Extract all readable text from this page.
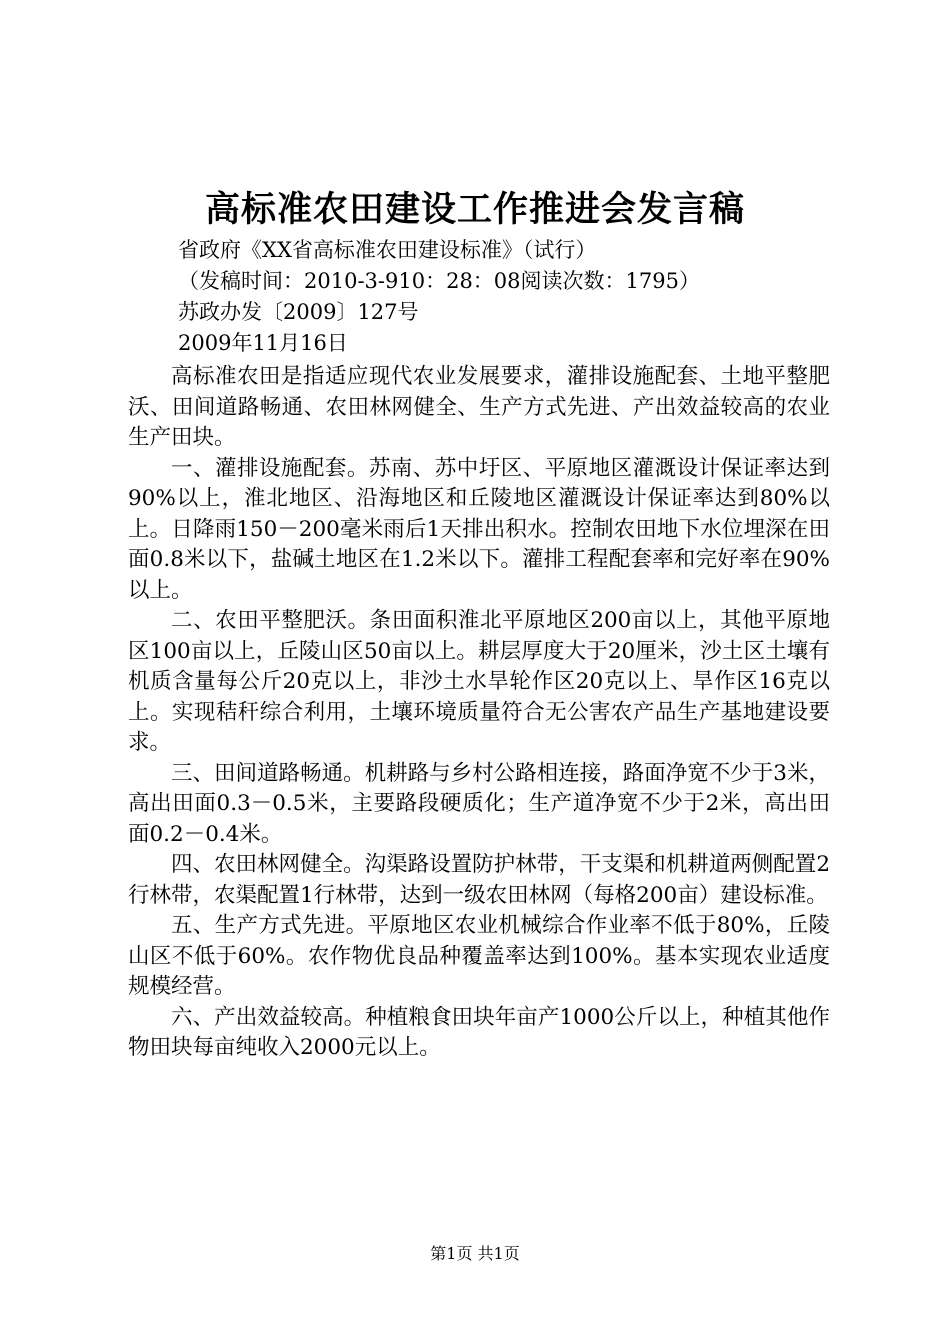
高标准农田建设工作推进会发言稿
省政府《XX省高标准农田建设标准》（试行）
（发稿时间：2010-3-910：28：08阅读次数：1795）
苏政办发〔2009〕127号
2009年11月16日

高标准农田是指适应现代农业发展要求，灌排设施配套、土地平整肥沃、田间道路畅通、农田林网健全、生产方式先进、产出效益较高的农业生产田块。

一、灌排设施配套。苏南、苏中圩区、平原地区灌溉设计保证率达到90%以上，淮北地区、沿海地区和丘陵地区灌溉设计保证率达到80%以上。日降雨150－200毫米雨后1天排出积水。控制农田地下水位埋深在田面0.8米以下，盐碱土地区在1.2米以下。灌排工程配套率和完好率在90%以上。

二、农田平整肥沃。条田面积淮北平原地区200亩以上，其他平原地区100亩以上，丘陵山区50亩以上。耕层厚度大于20厘米，沙土区土壤有机质含量每公斤20克以上，非沙土水旱轮作区20克以上、旱作区16克以上。实现秸秆综合利用，土壤环境质量符合无公害农产品生产基地建设要求。

三、田间道路畅通。机耕路与乡村公路相连接，路面净宽不少于3米，高出田面0.3－0.5米，主要路段硬质化；生产道净宽不少于2米，高出田面0.2－0.4米。

四、农田林网健全。沟渠路设置防护林带，干支渠和机耕道两侧配置2行林带，农渠配置1行林带，达到一级农田林网（每格200亩）建设标准。

五、生产方式先进。平原地区农业机械综合作业率不低于80%，丘陵山区不低于60%。农作物优良品种覆盖率达到100%。基本实现农业适度规模经营。

六、产出效益较高。种植粮食田块年亩产1000公斤以上，种植其他作物田块每亩纯收入2000元以上。

第1页 共1页
